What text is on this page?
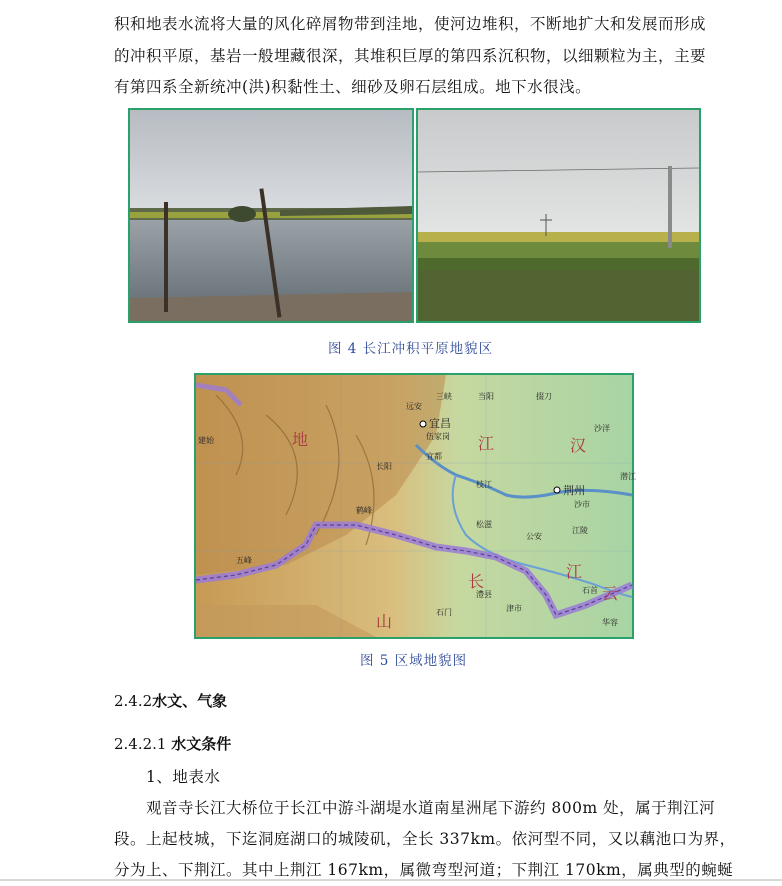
积和地表水流将大量的风化碎屑物带到洼地，使河边堆积，不断地扩大和发展而形成
的冲积平原，基岩一般埋藏很深，其堆积巨厚的第四系沉积物，以细颗粒为主，主要
有第四系全新统冲(洪)积黏性土、细砂及卵石层组成。地下水很浅。
图 4 长江冲积平原地貌区
宜昌
伍家岗
远安
宜都
枝江
松滋
公安
荆州
沙市
江陵
石首
华容
津市
澧县
石门
五峰
长阳
建始
鹤峰
三峡	当阳	掇刀
沙洋
潜江
江	汉
地
长
江
山
云
图 5 区域地貌图
2.4.2水文、气象
2.4.2.1 水文条件
1、地表水
观音寺长江大桥位于长江中游斗湖堤水道南星洲尾下游约 800m 处，属于荆江河
段。上起枝城，下迄洞庭湖口的城陵矶，全长 337km。依河型不同，又以藕池口为界，
分为上、下荆江。其中上荆江 167km，属微弯型河道；下荆江 170km，属典型的蜿蜒
